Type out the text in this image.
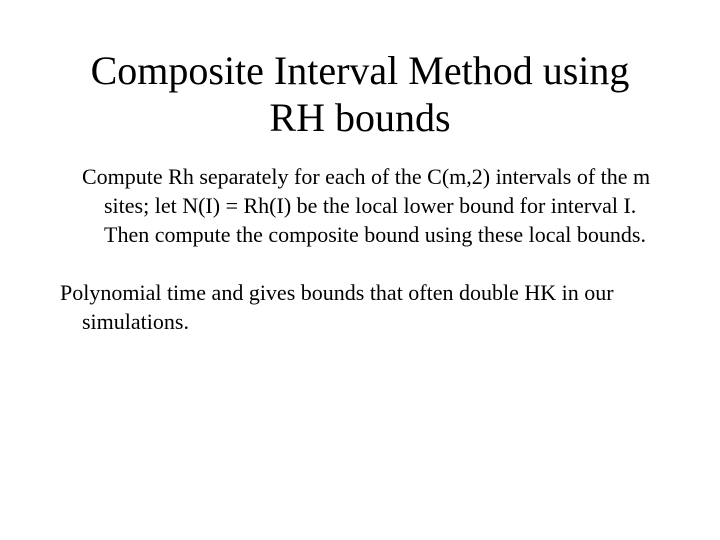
Composite Interval Method using
RH bounds

Compute Rh separately for each of the C(m,2) intervals of the m sites; let N(I) = Rh(I) be the local lower bound for interval I. Then compute the composite bound using these local bounds.

Polynomial time and gives bounds that often double HK in our simulations.
